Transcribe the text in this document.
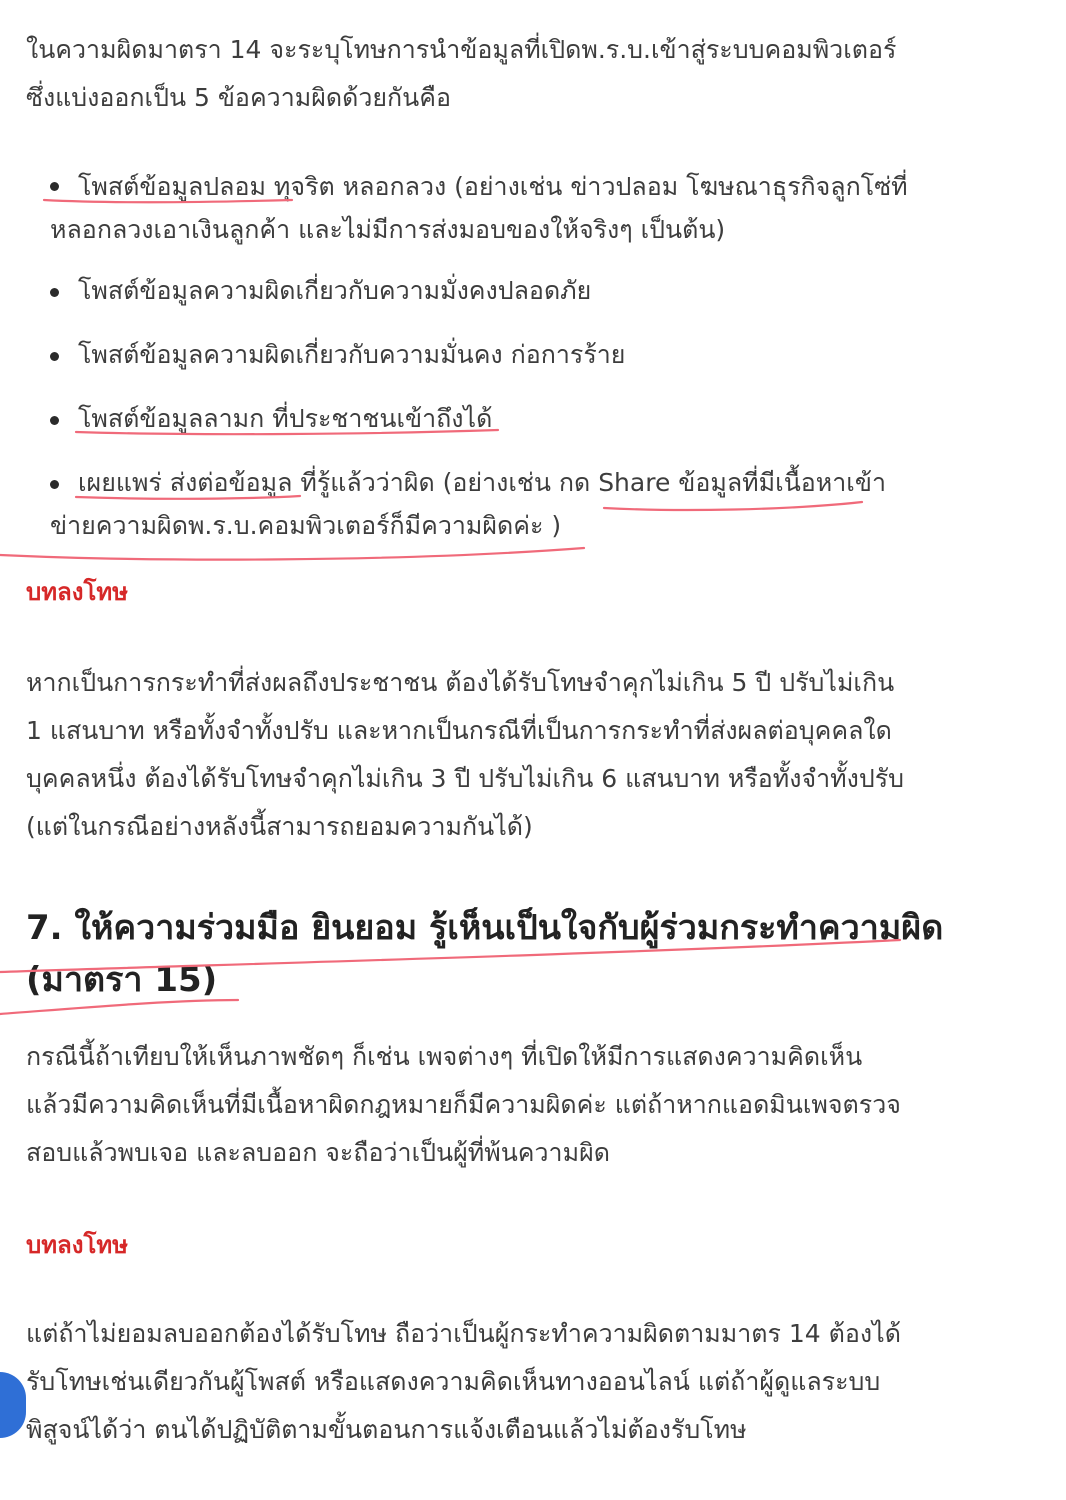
ในความผิดมาตรา 14 จะระบุโทษการนำข้อมูลที่เปิดพ.ร.บ.เข้าสู่ระบบคอมพิวเตอร์
ซึ่งแบ่งออกเป็น 5 ข้อความผิดด้วยกันคือ
โพสต์ข้อมูลปลอม ทุจริต หลอกลวง (อย่างเช่น ข่าวปลอม โฆษณาธุรกิจลูกโซ่ที่
หลอกลวงเอาเงินลูกค้า และไม่มีการส่งมอบของให้จริงๆ เป็นต้น)
โพสต์ข้อมูลความผิดเกี่ยวกับความมั่งคงปลอดภัย
โพสต์ข้อมูลความผิดเกี่ยวกับความมั่นคง ก่อการร้าย
โพสต์ข้อมูลลามก ที่ประชาชนเข้าถึงได้
เผยแพร่ ส่งต่อข้อมูล ที่รู้แล้วว่าผิด (อย่างเช่น กด Share ข้อมูลที่มีเนื้อหาเข้า
ข่ายความผิดพ.ร.บ.คอมพิวเตอร์ก็มีความผิดค่ะ )
บทลงโทษ
หากเป็นการกระทำที่ส่งผลถึงประชาชน ต้องได้รับโทษจำคุกไม่เกิน 5 ปี ปรับไม่เกิน
1 แสนบาท หรือทั้งจำทั้งปรับ และหากเป็นกรณีที่เป็นการกระทำที่ส่งผลต่อบุคคลใด
บุคคลหนึ่ง ต้องได้รับโทษจำคุกไม่เกิน 3 ปี ปรับไม่เกิน 6 แสนบาท หรือทั้งจำทั้งปรับ
(แต่ในกรณีอย่างหลังนี้สามารถยอมความกันได้)
7. ให้ความร่วมมือ ยินยอม รู้เห็นเป็นใจกับผู้ร่วมกระทำความผิด
(มาตรา 15)
กรณีนี้ถ้าเทียบให้เห็นภาพชัดๆ ก็เช่น เพจต่างๆ ที่เปิดให้มีการแสดงความคิดเห็น
แล้วมีความคิดเห็นที่มีเนื้อหาผิดกฎหมายก็มีความผิดค่ะ แต่ถ้าหากแอดมินเพจตรวจ
สอบแล้วพบเจอ และลบออก จะถือว่าเป็นผู้ที่พ้นความผิด
บทลงโทษ
แต่ถ้าไม่ยอมลบออกต้องได้รับโทษ ถือว่าเป็นผู้กระทำความผิดตามมาตร 14 ต้องได้
รับโทษเช่นเดียวกันผู้โพสต์ หรือแสดงความคิดเห็นทางออนไลน์ แต่ถ้าผู้ดูแลระบบ
พิสูจน์ได้ว่า ตนได้ปฏิบัติตามขั้นตอนการแจ้งเตือนแล้วไม่ต้องรับโทษ
